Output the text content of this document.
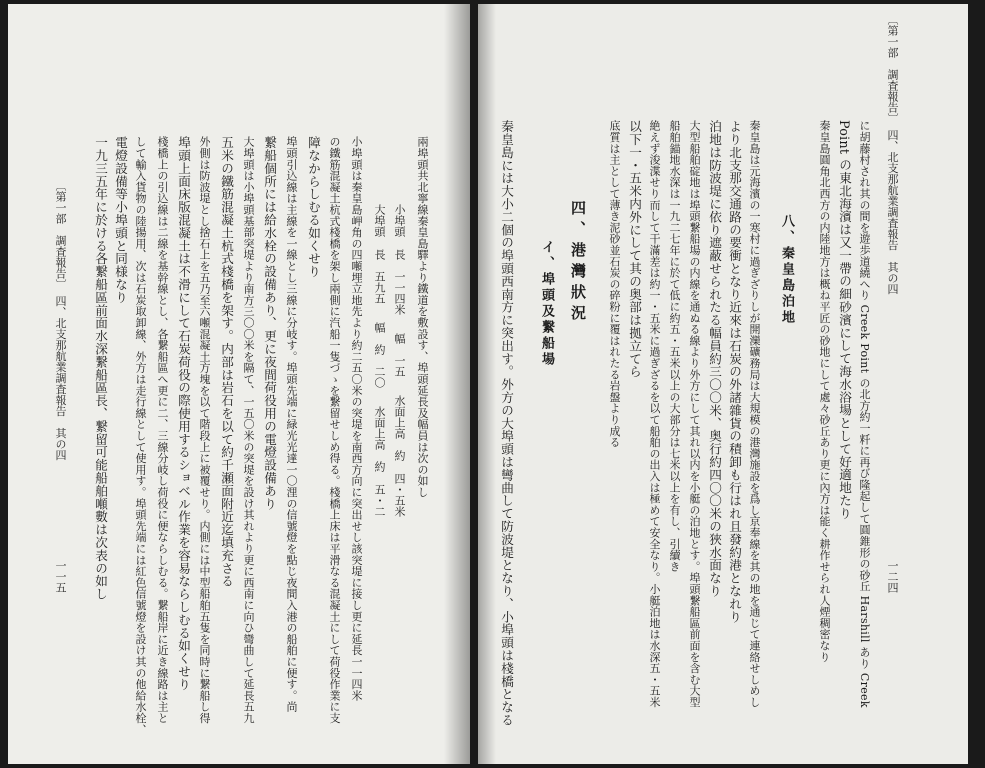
〔第一部　調査報告〕　四、北支那航業調査報告　其の四
一一五 一九三五年に於ける各繋船區前面水深繋船區長、繋留可能船舶噸數は次表の如し 電燈設備等小埠頭と同様なり して輸入貨物の陸揚用、次は石炭取卸線、外方は走行線として使用す。埠頭先端には紅色信號燈を設け其の他給水栓、 棧橋上の引込線は二線を基幹線とし、各繋船區へ更に二、三線分岐し荷役に便ならしむる。繋船岸に近き線路は主と 埠頭上面床版混凝土は不滑にして石炭荷役の際使用するショベル作業を容易ならしむる如くせり 外側は防波堤とし捨石上を五乃至六噸混凝土方塊を以て階段上に被覆せり。内側には中型船舶五隻を同時に繋船し得 五米の鐵筋混凝土杭式棧橋を架す。内部は岩石を以て約千瀬面附近迄填充さる 大埠頭は小埠頭基部突堤より南方三〇〇米を隔て、一五〇米の突堤を設け其れより更に西南に向ひ彎曲して延長五九 繋船個所には給水栓の設備あり、更に夜間荷役用の電燈設備あり 埠頭引込線は主線を一線とし三線に分岐す。埠頭先端に緑光光達一〇浬の信號燈を點じ夜間入港の船舶に便す。尚 障なからしむる如くせり の鐵筋混凝土杭式棧橋を架し兩側に汽船一隻づゝを繋留せしめ得る。棧橋上床は平滑なる混凝土にして荷役作業に支 小埠頭は秦皇島岬角の四噸埋立地先より約二五〇米の突堤を南西方向に突出せし該突堤に接し更に延長一一四米 大埠頭 長 五九五 幅 約　二〇 水面上高 約 五・二
小埠頭 長 一一四米 幅 一五 水面上高 約 四・五米 兩埠頭共北寧線秦皇島驛より鐵道を敷設す、埠頭延長及幅員は次の如し	秦皇島には大小二個の埠頭西南方に突出す。外方の大埠頭は彎曲して防波堤となり、小埠頭は棧橋となる イ、埠頭及繋船場 四、港灣狀況 底質は主として薄き泥砂並石炭の碎粉に覆はれたる岩盤より成る 以下一・五米内外にして其の奥部は拠立てら 絶えず浚渫せり而して干滿差は約一・五米に過ぎざるを以て船舶の出入は極めて安全なり。小艇泊地は水深五・五米 船舶錨地水深は一九二七年に於て低に約五・五米以上の大部分は七米以上を有し、引續き 大型船舶碇地は埠頭繋船場の内線を通ぬる線より外方にして其れ以内を小艇の泊地とす。埠頭繋船區前面を含む大型 泊地は防波堤に依り遮蔽せられたる幅員約三〇〇米、奥行約四〇〇米の狹水面なり より北支那交通路の要衝となり近來は石炭の外諸雜貨の積卸も行はれ且發約港となれり 秦皇島は元海濱の一寒村に過ぎざりしが開灤礦務局は大規模の港灣施設を爲し京奉線を其の地を通じて連絡せしめし 八、秦皇島泊地 秦皇島圓角北西方の内陸地方は概ね平匠の砂地にして處々砂丘あり更に內方は能く耕作せられ人煙稠密なり Point の東北海濱は又一帶の細砂濱にして海水浴場として好適地たり に胡藤村され其の間を遊歩道繞へり Creek Point の北方約一粁に再び隆起して圓錐形の砂丘 Harshill あり Creek 〔第一部　調査報告〕　四、北支那航業調査報告　其の四
一二四
